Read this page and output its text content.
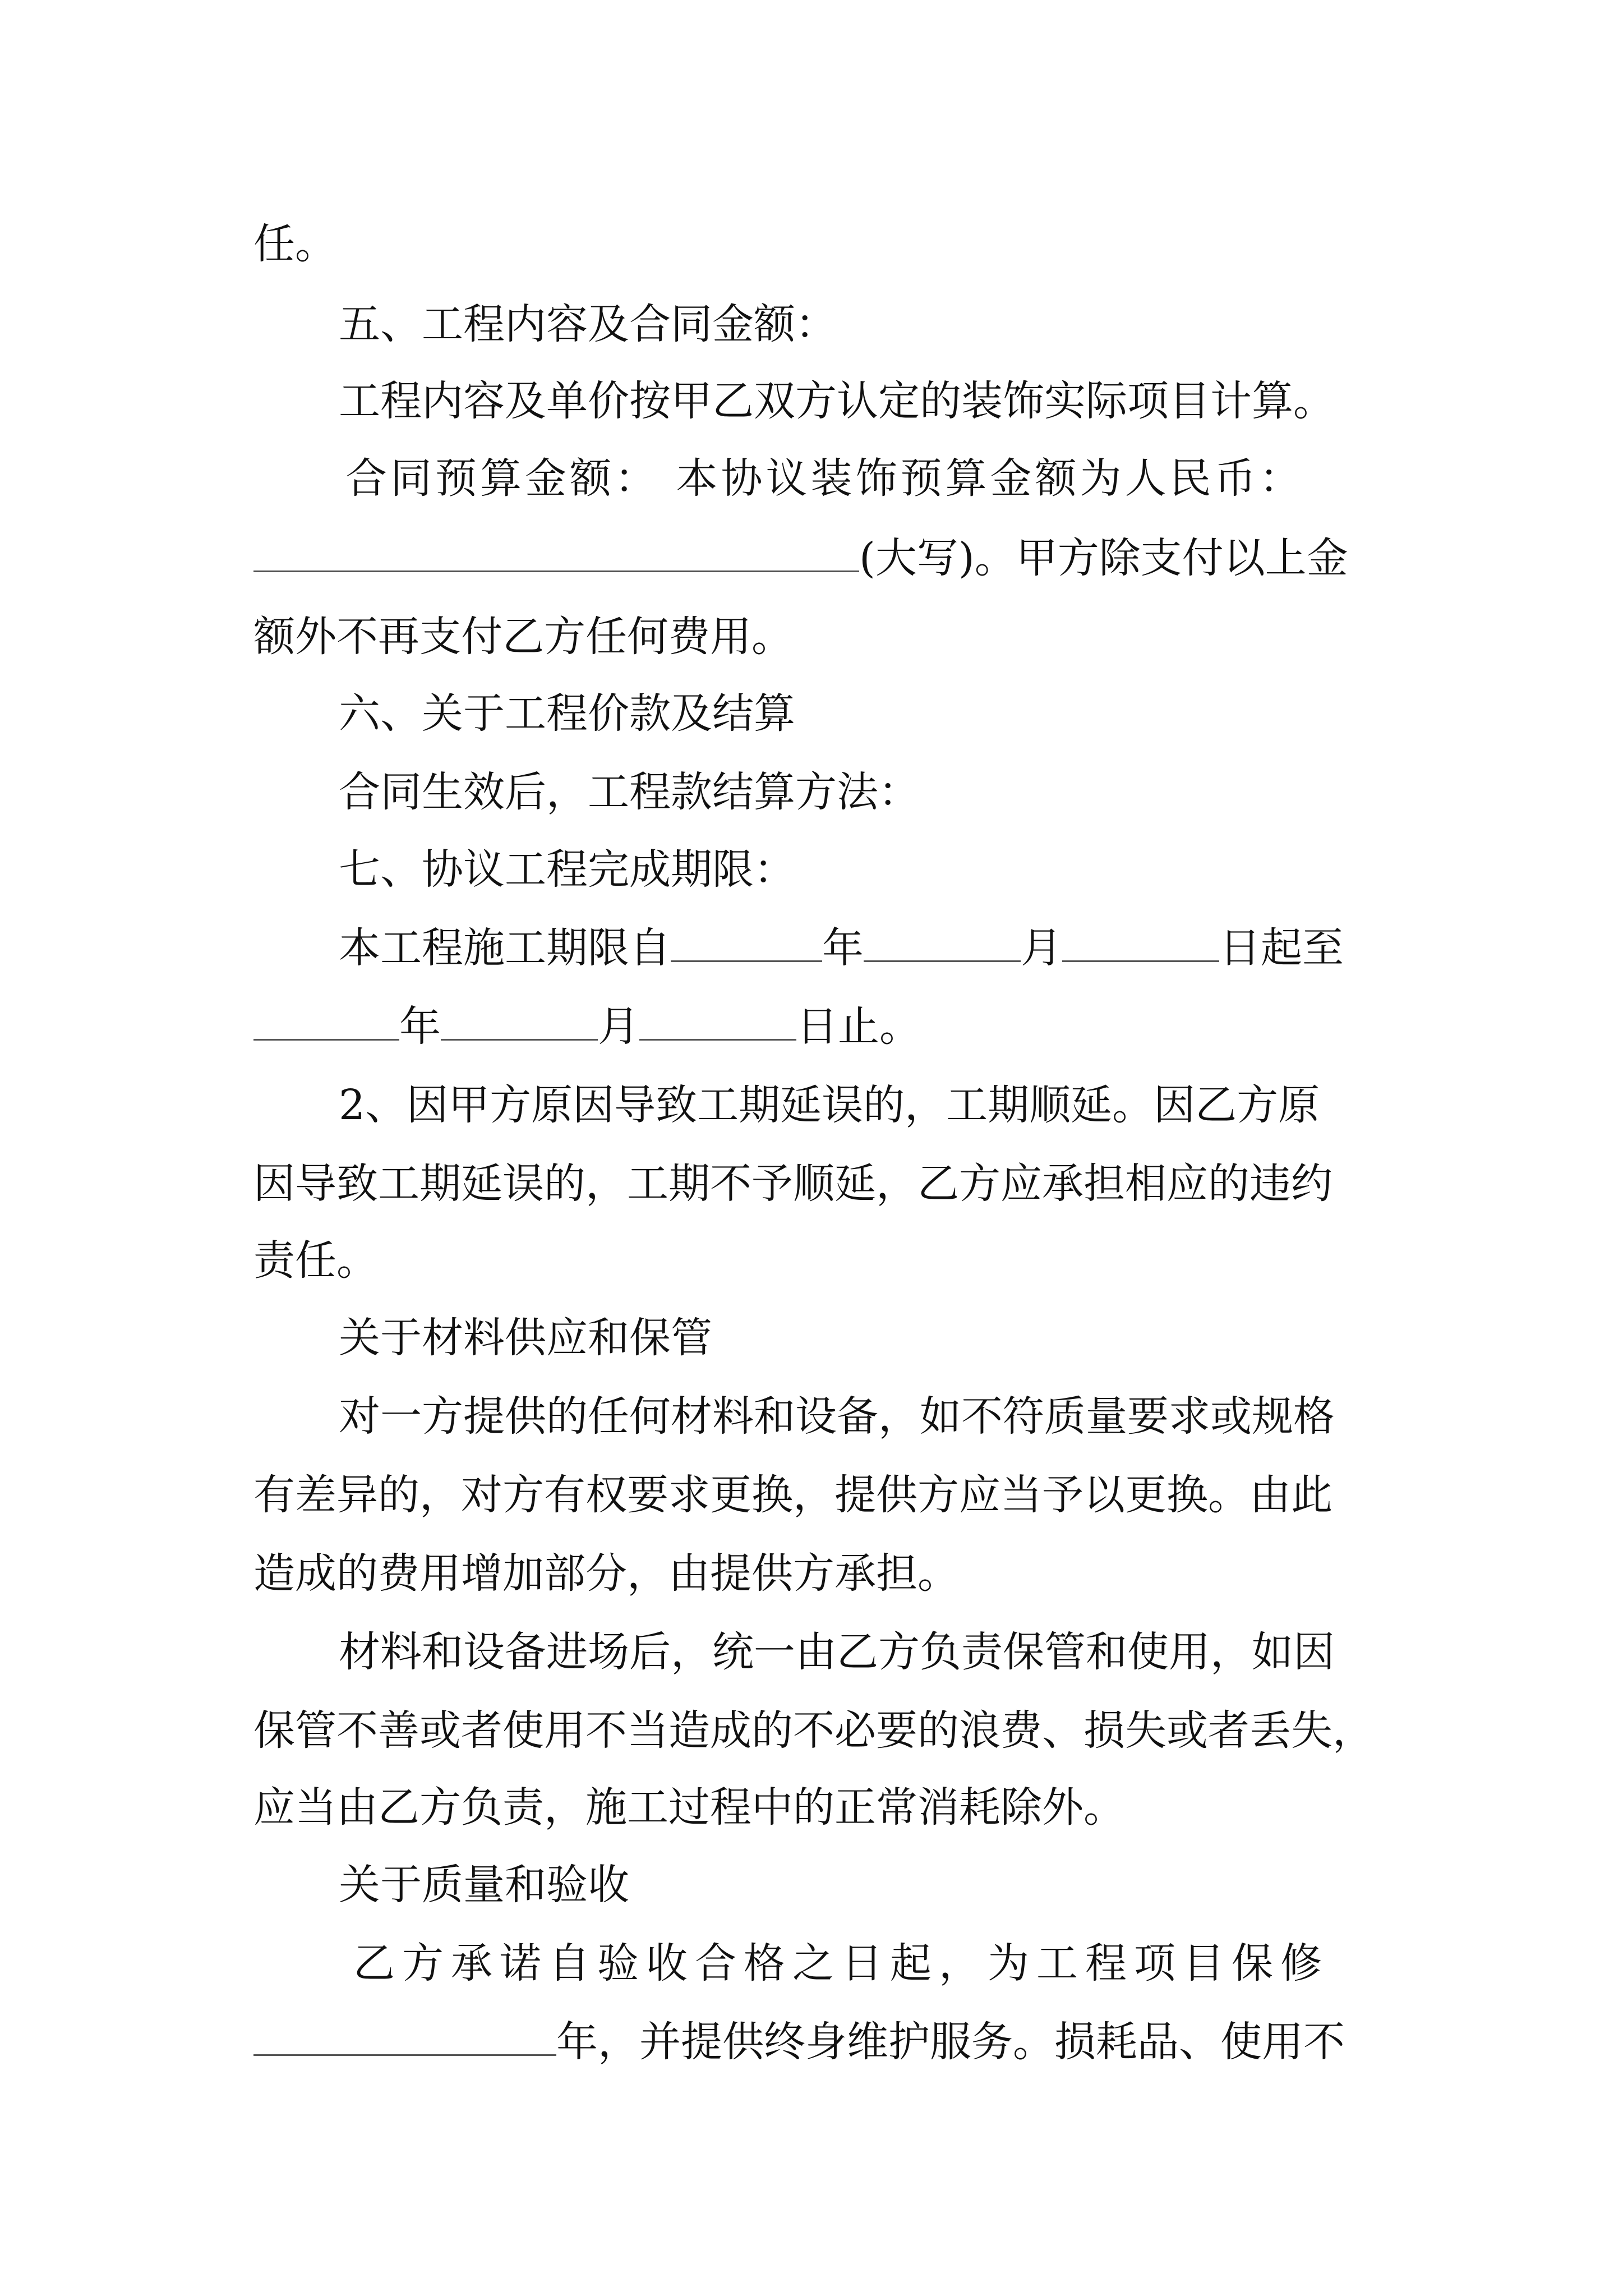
任。
五、工程内容及合同金额：
工程内容及单价按甲乙双方认定的装饰实际项目计算。
合同预算金额： 本协议装饰预算金额为人民币：
(大写)。甲方除支付以上金
额外不再支付乙方任何费用。
六、关于工程价款及结算
合同生效后，工程款结算方法：
七、协议工程完成期限：
本工程施工期限自	年	月	日起至
年	月	日止。
2、因甲方原因导致工期延误的，工期顺延。因乙方原
因导致工期延误的，工期不予顺延，乙方应承担相应的违约
责任。
关于材料供应和保管
对一方提供的任何材料和设备，如不符质量要求或规格
有差异的，对方有权要求更换，提供方应当予以更换。由此
造成的费用增加部分，由提供方承担。
材料和设备进场后，统一由乙方负责保管和使用，如因
保管不善或者使用不当造成的不必要的浪费、损失或者丢失，
应当由乙方负责，施工过程中的正常消耗除外。
关于质量和验收
乙方承诺自验收合格之日起，为工程项目保修
年，并提供终身维护服务。损耗品、使用不
